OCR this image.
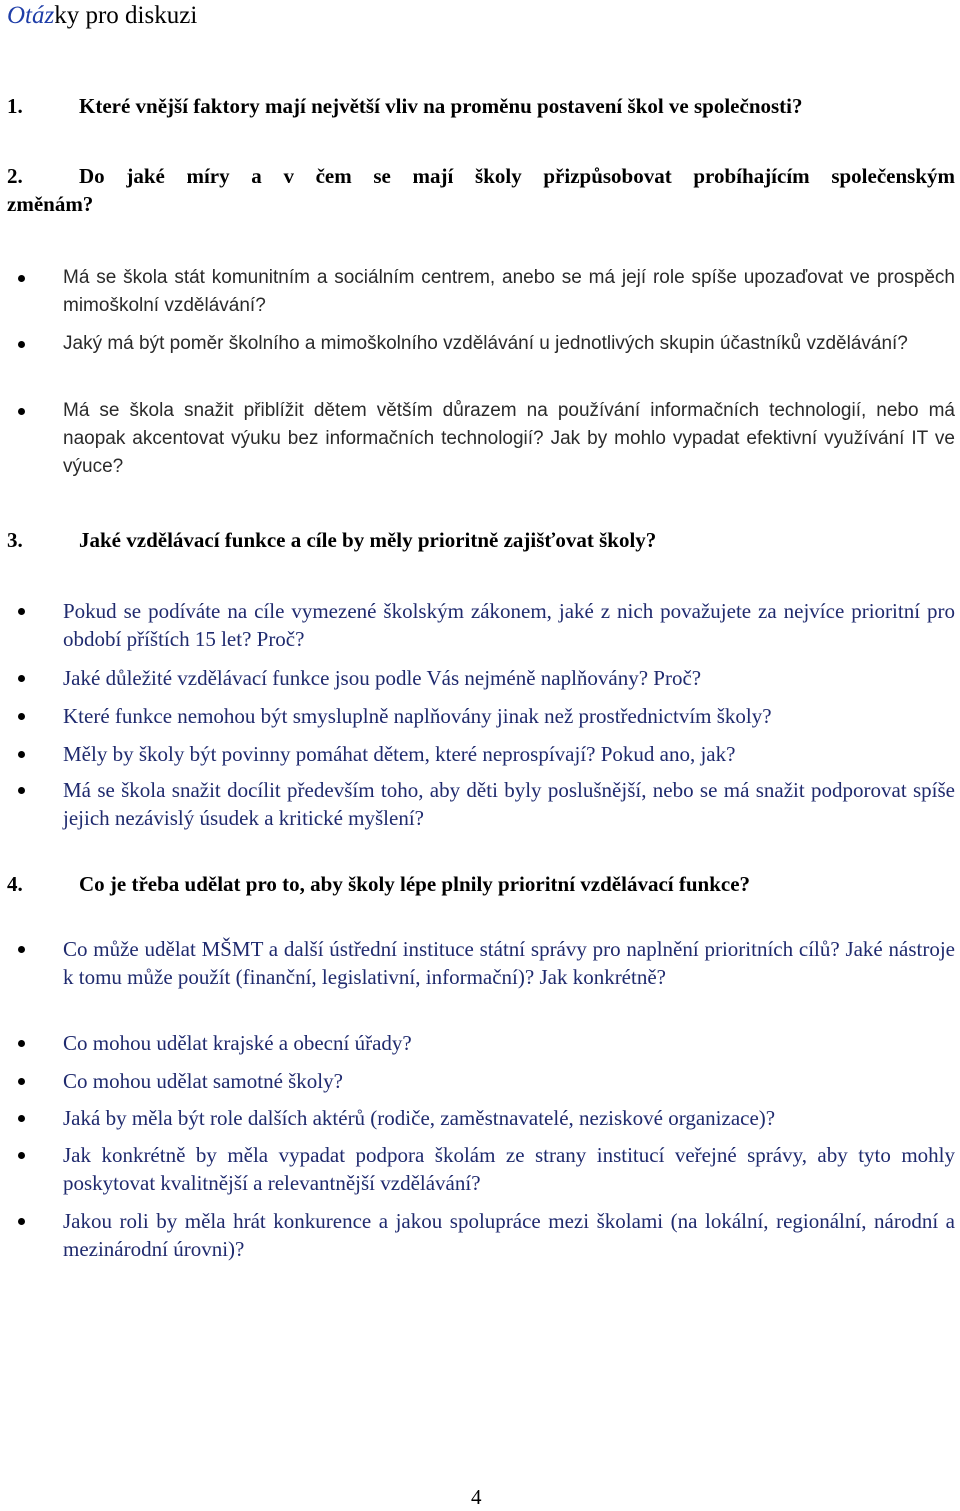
Otázky pro diskuzi
1.	Které vnější faktory mají největší vliv na proměnu postavení škol ve společnosti?
2.	Do jaké míry a v čem se mají školy přizpůsobovat probíhajícím společenským
změnám?
Má se škola stát komunitním a sociálním centrem, anebo se má její role spíše upozaďovat ve prospěch mimoškolní vzdělávání?
Jaký má být poměr školního a mimoškolního vzdělávání u jednotlivých skupin účastníků vzdělávání?
Má se škola snažit přiblížit dětem větším důrazem na používání informačních technologií, nebo má naopak akcentovat výuku bez informačních technologií? Jak by mohlo vypadat efektivní využívání IT ve výuce?
3.	Jaké vzdělávací funkce a cíle by měly prioritně zajišťovat školy?
Pokud se podíváte na cíle vymezené školským zákonem, jaké z nich považujete za nejvíce prioritní pro období příštích 15 let? Proč?
Jaké důležité vzdělávací funkce jsou podle Vás nejméně naplňovány? Proč?
Které funkce nemohou být smysluplně naplňovány jinak než prostřednictvím školy?
Měly by školy být povinny pomáhat dětem, které neprospívají? Pokud ano, jak?
Má se škola snažit docílit především toho, aby děti byly poslušnější, nebo se má snažit podporovat spíše jejich nezávislý úsudek a kritické myšlení?
4.	Co je třeba udělat pro to, aby školy lépe plnily prioritní vzdělávací funkce?
Co může udělat MŠMT a další ústřední instituce státní správy pro naplnění prioritních cílů? Jaké nástroje k tomu může použít (finanční, legislativní, informační)? Jak konkrétně?
Co mohou udělat krajské a obecní úřady?
Co mohou udělat samotné školy?
Jaká by měla být role dalších aktérů (rodiče, zaměstnavatelé, neziskové organizace)?
Jak konkrétně by měla vypadat podpora školám ze strany institucí veřejné správy, aby tyto mohly poskytovat kvalitnější a relevantnější vzdělávání?
Jakou roli by měla hrát konkurence a jakou spolupráce mezi školami (na lokální, regionální, národní a mezinárodní úrovni)?
4
